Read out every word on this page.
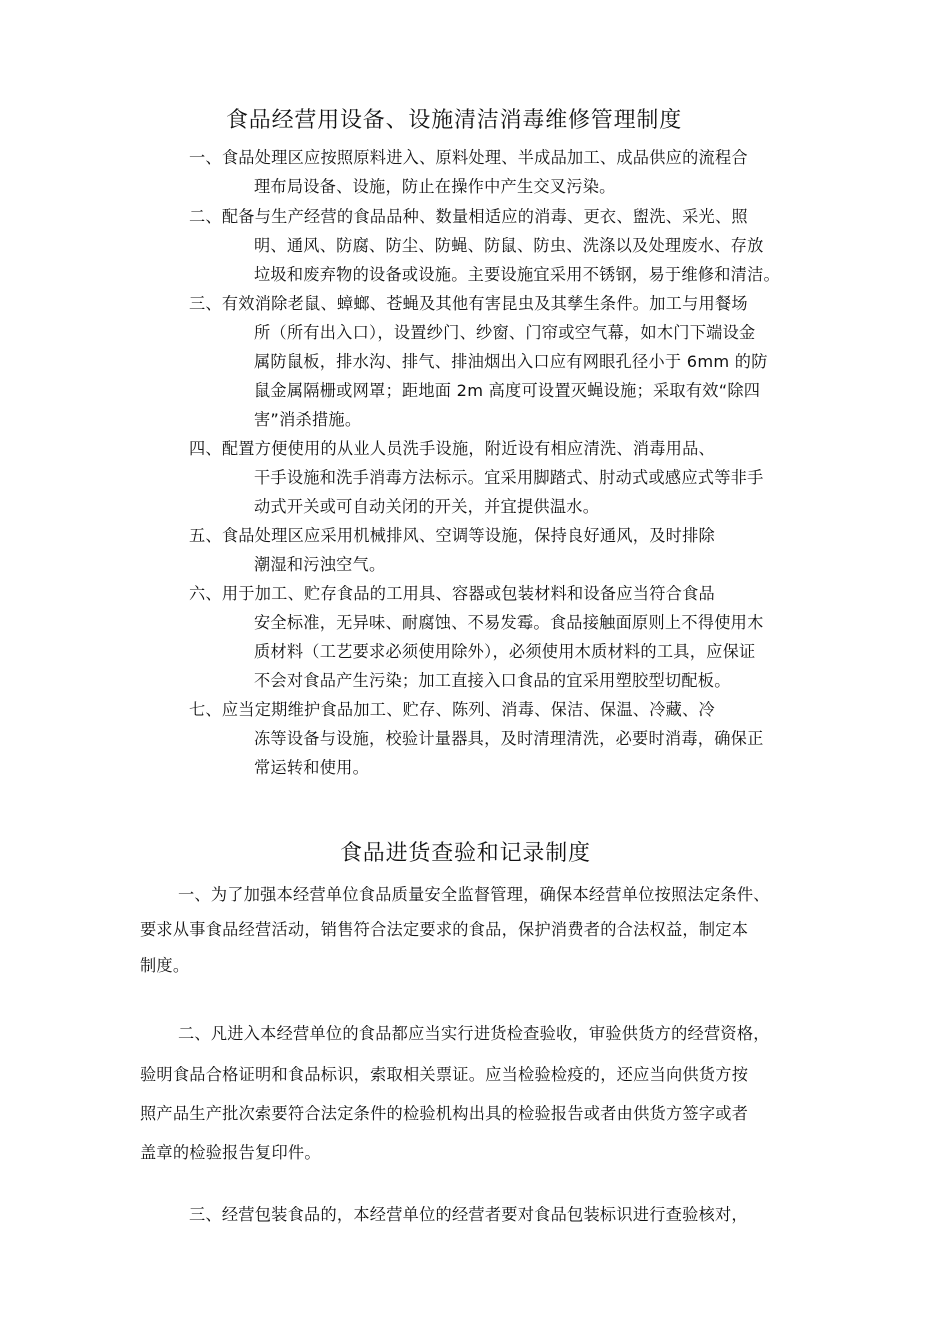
食品经营用设备、设施清洁消毒维修管理制度
一、食品处理区应按照原料进入、原料处理、半成品加工、成品供应的流程合
理布局设备、设施，防止在操作中产生交叉污染。
二、配备与生产经营的食品品种、数量相适应的消毒、更衣、盥洗、采光、照
明、通风、防腐、防尘、防蝇、防鼠、防虫、洗涤以及处理废水、存放
垃圾和废弃物的设备或设施。主要设施宜采用不锈钢，易于维修和清洁。
三、有效消除老鼠、蟑螂、苍蝇及其他有害昆虫及其孳生条件。加工与用餐场
所（所有出入口），设置纱门、纱窗、门帘或空气幕，如木门下端设金
属防鼠板，排水沟、排气、排油烟出入口应有网眼孔径小于 6mm 的防
鼠金属隔栅或网罩；距地面 2m 高度可设置灭蝇设施；采取有效“除四
害”消杀措施。
四、配置方便使用的从业人员洗手设施，附近设有相应清洗、消毒用品、
干手设施和洗手消毒方法标示。宜采用脚踏式、肘动式或感应式等非手
动式开关或可自动关闭的开关，并宜提供温水。
五、食品处理区应采用机械排风、空调等设施，保持良好通风，及时排除
潮湿和污浊空气。
六、用于加工、贮存食品的工用具、容器或包装材料和设备应当符合食品
安全标准，无异味、耐腐蚀、不易发霉。食品接触面原则上不得使用木
质材料（工艺要求必须使用除外），必须使用木质材料的工具，应保证
不会对食品产生污染；加工直接入口食品的宜采用塑胶型切配板。
七、应当定期维护食品加工、贮存、陈列、消毒、保洁、保温、冷藏、冷
冻等设备与设施，校验计量器具，及时清理清洗，必要时消毒，确保正
常运转和使用。
食品进货查验和记录制度
一、为了加强本经营单位食品质量安全监督管理，确保本经营单位按照法定条件、
要求从事食品经营活动，销售符合法定要求的食品，保护消费者的合法权益，制定本
制度。
二、凡进入本经营单位的食品都应当实行进货检查验收，审验供货方的经营资格，
验明食品合格证明和食品标识，索取相关票证。应当检验检疫的，还应当向供货方按
照产品生产批次索要符合法定条件的检验机构出具的检验报告或者由供货方签字或者
盖章的检验报告复印件。
三、经营包装食品的，本经营单位的经营者要对食品包装标识进行查验核对，
